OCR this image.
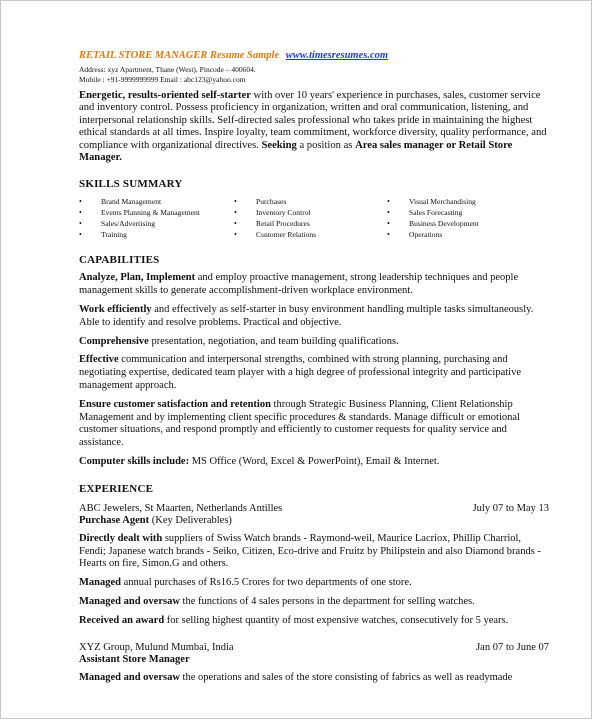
RETAIL STORE MANAGER Resume Sample www.timesresumes.com
Address: xyz Apartment, Thane (West), Pincode – 400604.
Mobile : +91-9999999999 Email : abc123@yahoo.com
Energetic, results-oriented self-starter with over 10 years' experience in purchases, sales, customer service and inventory control. Possess proficiency in organization, written and oral communication, listening, and interpersonal relationship skills. Self-directed sales professional who takes pride in maintaining the highest ethical standards at all times. Inspire loyalty, team commitment, workforce diversity, quality performance, and compliance with organizational directives. Seeking a position as Area sales manager or Retail Store Manager.
SKILLS SUMMARY
• Brand Management
• Events Planning & Management
• Sales/Advertising
• Training
• Purchases
• Inventory Control
• Retail Procedures
• Customer Relations
• Visual Merchandising
• Sales Forecasting
• Business Development
• Operations
CAPABILITIES
Analyze, Plan, Implement and employ proactive management, strong leadership techniques and people management skills to generate accomplishment-driven workplace environment.
Work efficiently and effectively as self-starter in busy environment handling multiple tasks simultaneously. Able to identify and resolve problems. Practical and objective.
Comprehensive presentation, negotiation, and team building qualifications.
Effective communication and interpersonal strengths, combined with strong planning, purchasing and negotiating expertise, dedicated team player with a high degree of professional integrity and participative management approach.
Ensure customer satisfaction and retention through Strategic Business Planning, Client Relationship Management and by implementing client specific procedures & standards. Manage difficult or emotional customer situations, and respond promptly and efficiently to customer requests for quality service and assistance.
Computer skills include: MS Office (Word, Excel & PowerPoint), Email & Internet.
EXPERIENCE
ABC Jewelers, St Maarten, Netherlands Antilles	July 07 to May 13
Purchase Agent (Key Deliverables)
Directly dealt with suppliers of Swiss Watch brands - Raymond-weil, Maurice Lacriox, Phillip Charriol, Fendi; Japanese watch brands - Seiko, Citizen, Eco-drive and Fruitz by Philipstein and also Diamond brands - Hearts on fire, Simon.G and others.
Managed annual purchases of Rs16.5 Crores for two departments of one store.
Managed and oversaw the functions of 4 sales persons in the department for selling watches.
Received an award for selling highest quantity of most expensive watches, consecutively for 5 years.
XYZ Group, Mulund Mumbai, India	Jan 07 to June 07
Assistant Store Manager
Managed and oversaw the operations and sales of the store consisting of fabrics as well as readymade
